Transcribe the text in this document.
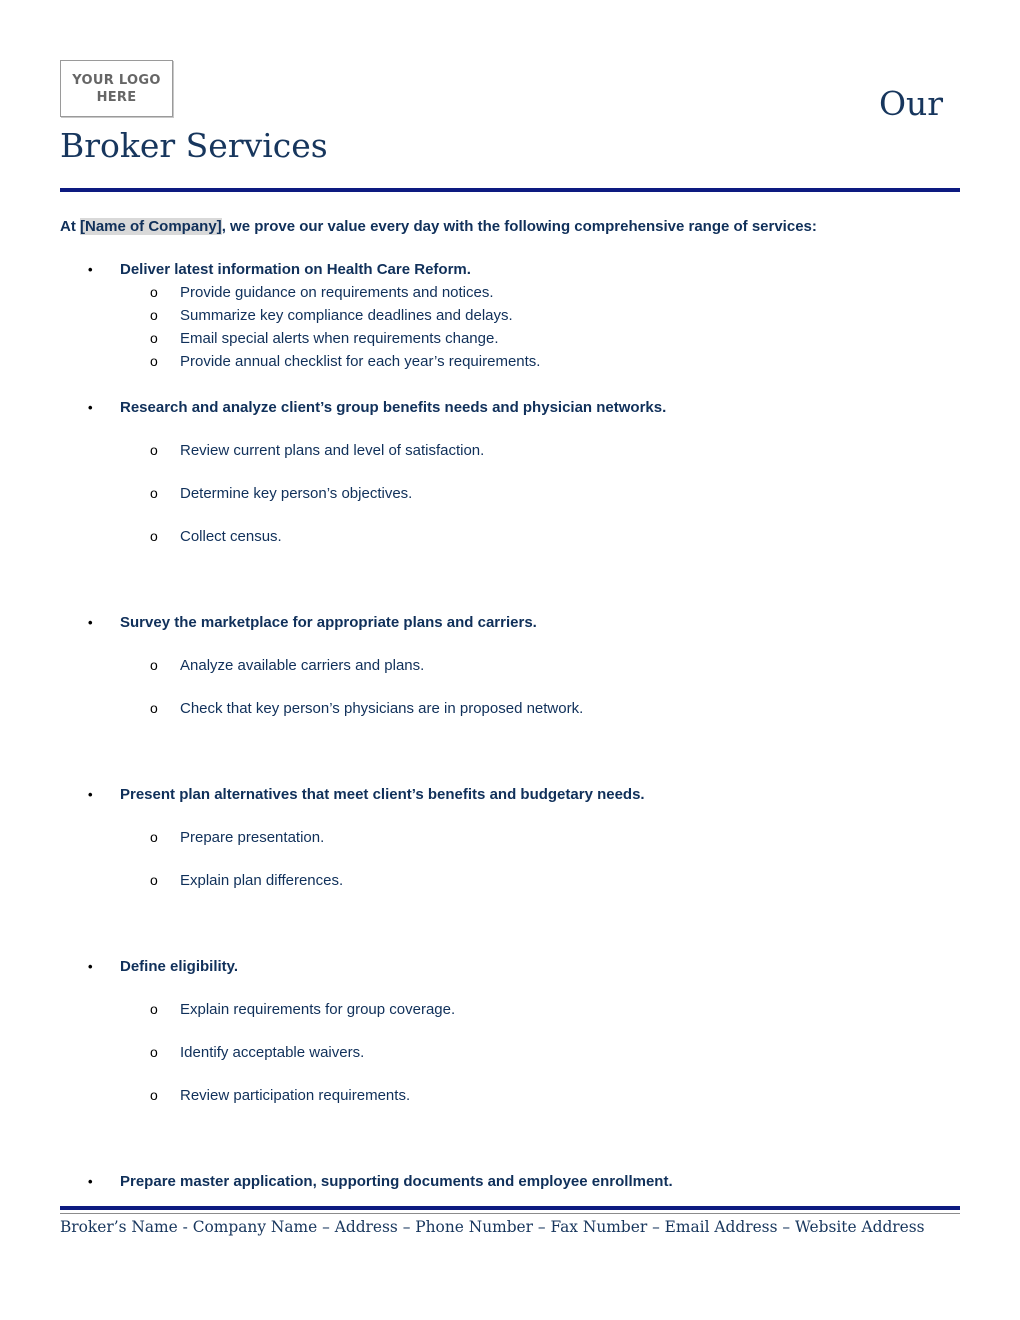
YOUR LOGO
HERE	Our
Broker Services
At [Name of Company], we prove our value every day with the following comprehensive range of services:
• Deliver latest information on Health Care Reform.
o Provide guidance on requirements and notices.
o Summarize key compliance deadlines and delays.
o Email special alerts when requirements change.
o Provide annual checklist for each year’s requirements.
• Research and analyze client’s group benefits needs and physician networks.
o Review current plans and level of satisfaction.
o Determine key person’s objectives.
o Collect census.
• Survey the marketplace for appropriate plans and carriers.
o Analyze available carriers and plans.
o Check that key person’s physicians are in proposed network.
• Present plan alternatives that meet client’s benefits and budgetary needs.
o Prepare presentation.
o Explain plan differences.
• Define eligibility.
o Explain requirements for group coverage.
o Identify acceptable waivers.
o Review participation requirements.
• Prepare master application, supporting documents and employee enrollment.
Broker’s Name - Company Name – Address – Phone Number – Fax Number – Email Address – Website Address
